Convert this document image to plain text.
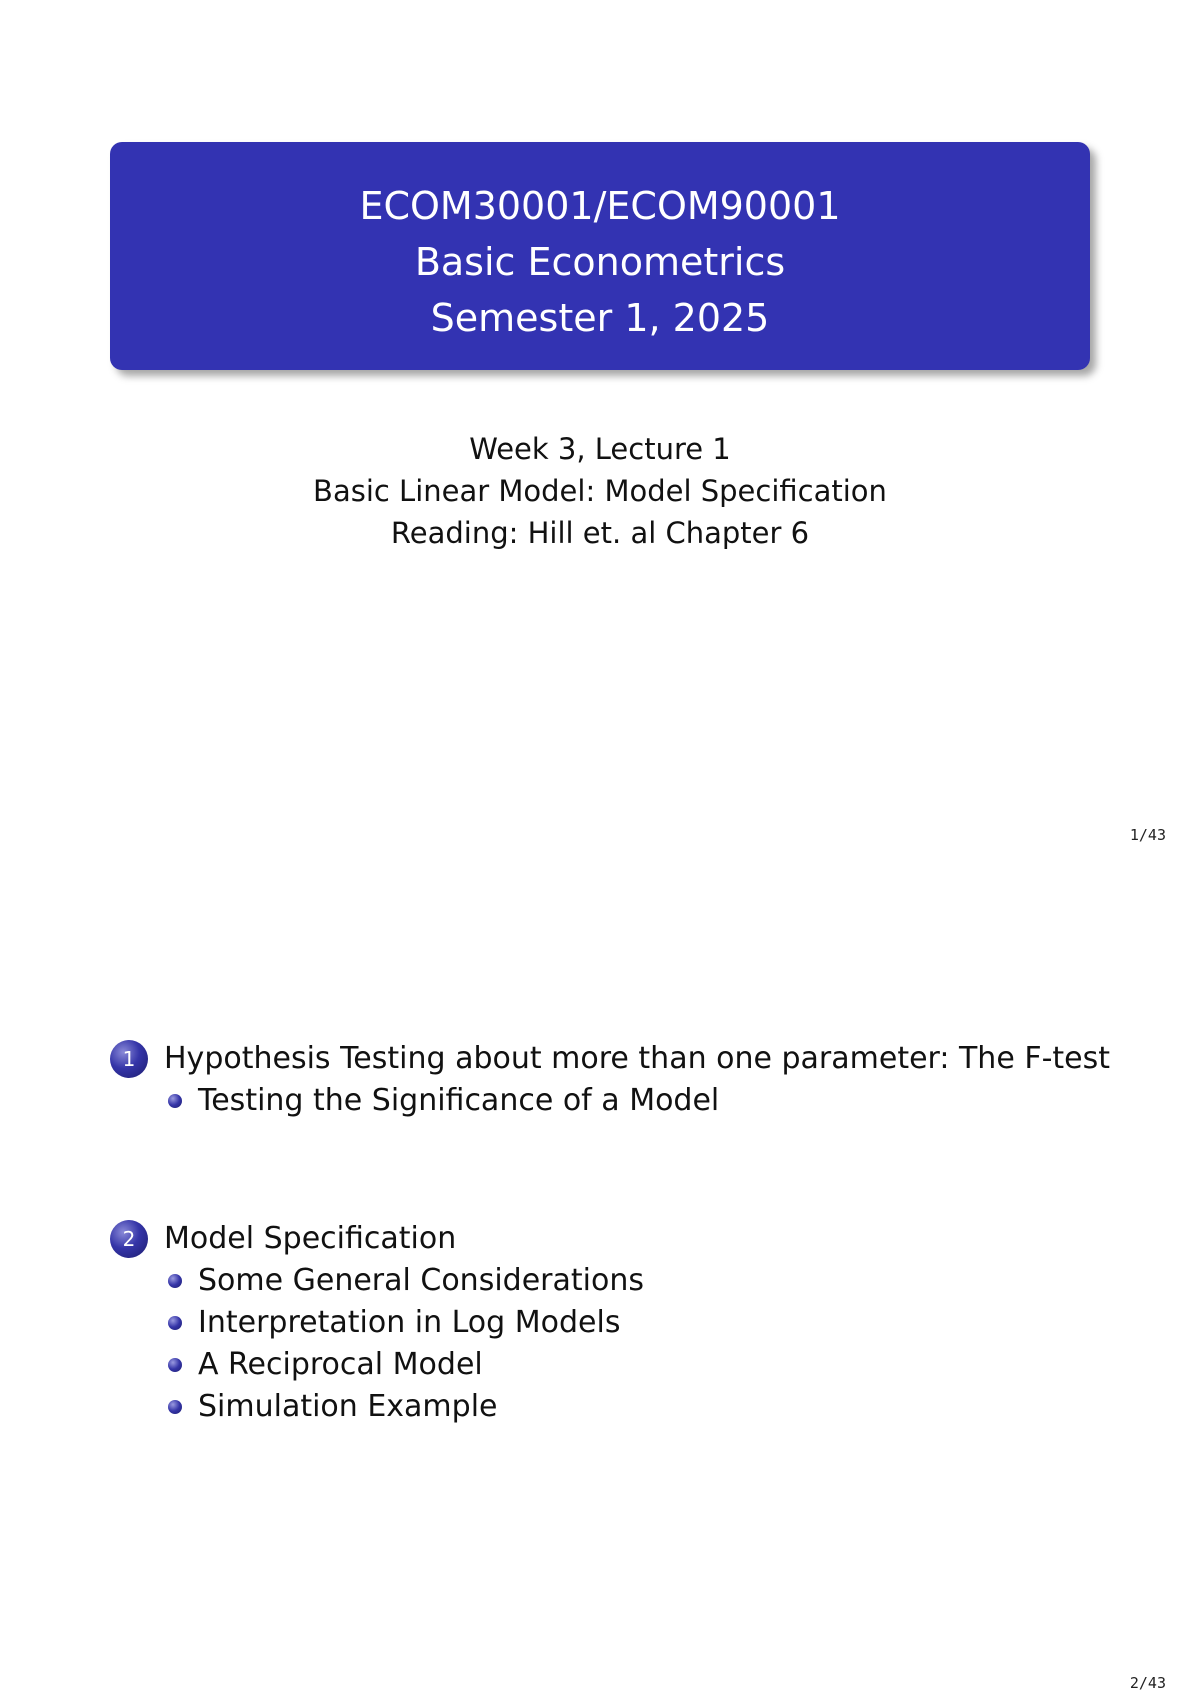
ECOM30001/ECOM90001
Basic Econometrics
Semester 1, 2025
Week 3, Lecture 1
Basic Linear Model: Model Specification
Reading: Hill et. al Chapter 6
1/43
1 Hypothesis Testing about more than one parameter: The F-test
Testing the Significance of a Model
2 Model Specification
Some General Considerations
Interpretation in Log Models
A Reciprocal Model
Simulation Example
2/43
